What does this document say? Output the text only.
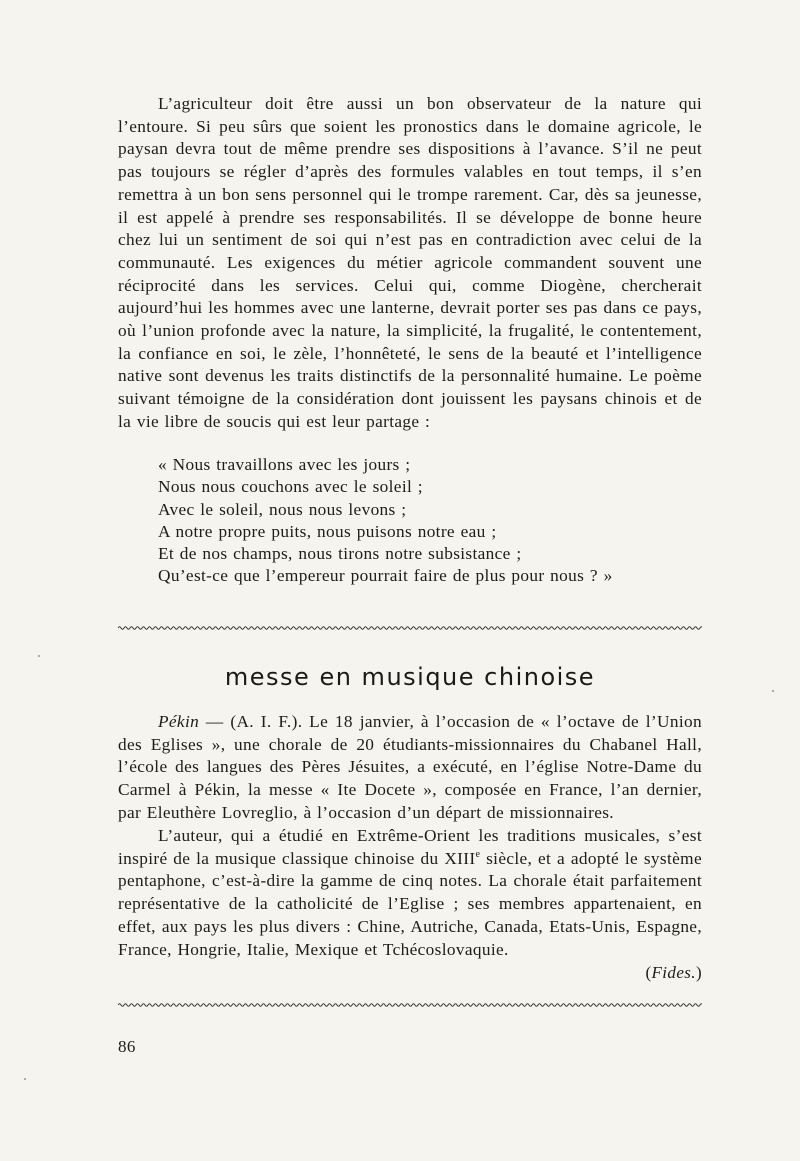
L’agriculteur doit être aussi un bon observateur de la nature qui l’entoure. Si peu sûrs que soient les pronostics dans le domaine agricole, le paysan devra tout de même prendre ses dispositions à l’avance. S’il ne peut pas toujours se régler d’après des formules valables en tout temps, il s’en remettra à un bon sens personnel qui le trompe rarement. Car, dès sa jeunesse, il est appelé à prendre ses responsabilités. Il se développe de bonne heure chez lui un sentiment de soi qui n’est pas en contradiction avec celui de la communauté. Les exigences du métier agricole commandent souvent une réciprocité dans les services. Celui qui, comme Diogène, chercherait aujourd’hui les hommes avec une lanterne, devrait porter ses pas dans ce pays, où l’union profonde avec la nature, la simplicité, la frugalité, le contentement, la confiance en soi, le zèle, l’honnêteté, le sens de la beauté et l’intelligence native sont devenus les traits distinctifs de la personnalité humaine. Le poème suivant témoigne de la considération dont jouissent les paysans chinois et de la vie libre de soucis qui est leur partage :

« Nous travaillons avec les jours ;
Nous nous couchons avec le soleil ;
Avec le soleil, nous nous levons ;
A notre propre puits, nous puisons notre eau ;
Et de nos champs, nous tirons notre subsistance ;
Qu’est-ce que l’empereur pourrait faire de plus pour nous ? »
messe en musique chinoise

Pékin — (A. I. F.). Le 18 janvier, à l’occasion de « l’octave de l’Union des Eglises », une chorale de 20 étudiants-missionnaires du Chabanel Hall, l’école des langues des Pères Jésuites, a exécuté, en l’église Notre-Dame du Carmel à Pékin, la messe « Ite Docete », composée en France, l’an dernier, par Eleuthère Lovreglio, à l’occasion d’un départ de missionnaires.

L’auteur, qui a étudié en Extrême-Orient les traditions musicales, s’est inspiré de la musique classique chinoise du XIIIe siècle, et a adopté le système pentaphone, c’est-à-dire la gamme de cinq notes. La chorale était parfaitement représentative de la catholicité de l’Eglise ; ses membres appartenaient, en effet, aux pays les plus divers : Chine, Autriche, Canada, Etats-Unis, Espagne, France, Hongrie, Italie, Mexique et Tchécoslovaquie.

(Fides.)
86
